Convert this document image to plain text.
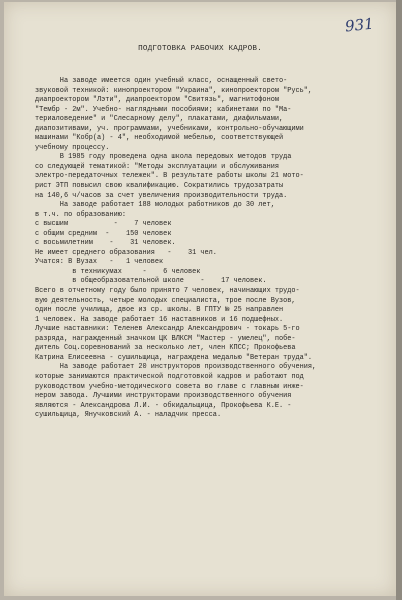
931
ПОДГОТОВКА РАБОЧИХ КАДРОВ.
На заводе имеется один учебный класс, оснащенный свето-
звуковой техникой: кинопроектором "Украина", кинопроектором "Русь",
диапроектором "Лэти", диапроектором "Свитязь", магнитофоном
"Тембр - 2м". Учебно- наглядными пособиями; кабинетами по "Ма-
териаловедение" и "Слесарному делу", плакатами, диафильмами,
диапозитивами, уч. программами, учебниками, контрольно-обучающими
машинами "Кобр(а) - 4", необходимой мебелью, соответствующей
учебному процессу.
В 1985 году проведена одна школа передовых методов труда
со следующей тематикой: "Методы эксплуатации и обслуживания
электро-передаточных тележек". В результате работы школы 21 мото-
рист ЭТП повысил свою квалификацию. Сократились трудозатраты
на 140,6 ч/часов за счет увеличения производительности труда.
На заводе работает 188 молодых работников до 30 лет,
в т.ч. по образованию:
с высшим           -    7 человек
с общим средним  -    150 человек
с восьмилетним    -    31 человек.
Не имеет среднего образования   -    31 чел.
Учатся: В Вузах   -   1 человек
в техникумах     -    6 человек
в общеобразовательной школе    -    17 человек.
Всего в отчетному году было принято 7 человек, начинающих трудо-
вую деятельность, четыре молодых специалиста, трое после Вузов,
один после училища, двое из ср. школы. В ГПТУ № 25 направлен
1 человек. На заводе работает 16 наставников и 16 подшефных.
Лучшие наставники: Теленев Александр Александрович - токарь 5-го
разряда, награжденный значком ЦК ВЛКСМ "Мастер - умелец", побе-
дитель Соц.соревнований за несколько лет, член КПСС; Прокофьева
Катрина Елисеевна - сушильщица, награждена медалью "Ветеран труда".
На заводе работает 20 инструкторов производственного обучения,
которые занимаются практической подготовкой кадров и работают под
руководством учебно-методического совета во главе с главным инже-
нером завода. Лучшими инструкторами производственного обучения
являются - Александрова Л.И. - обкидальщица, Прокофьева К.Е. -
сушильщица, Янучковский А. - наладчик пресса.
